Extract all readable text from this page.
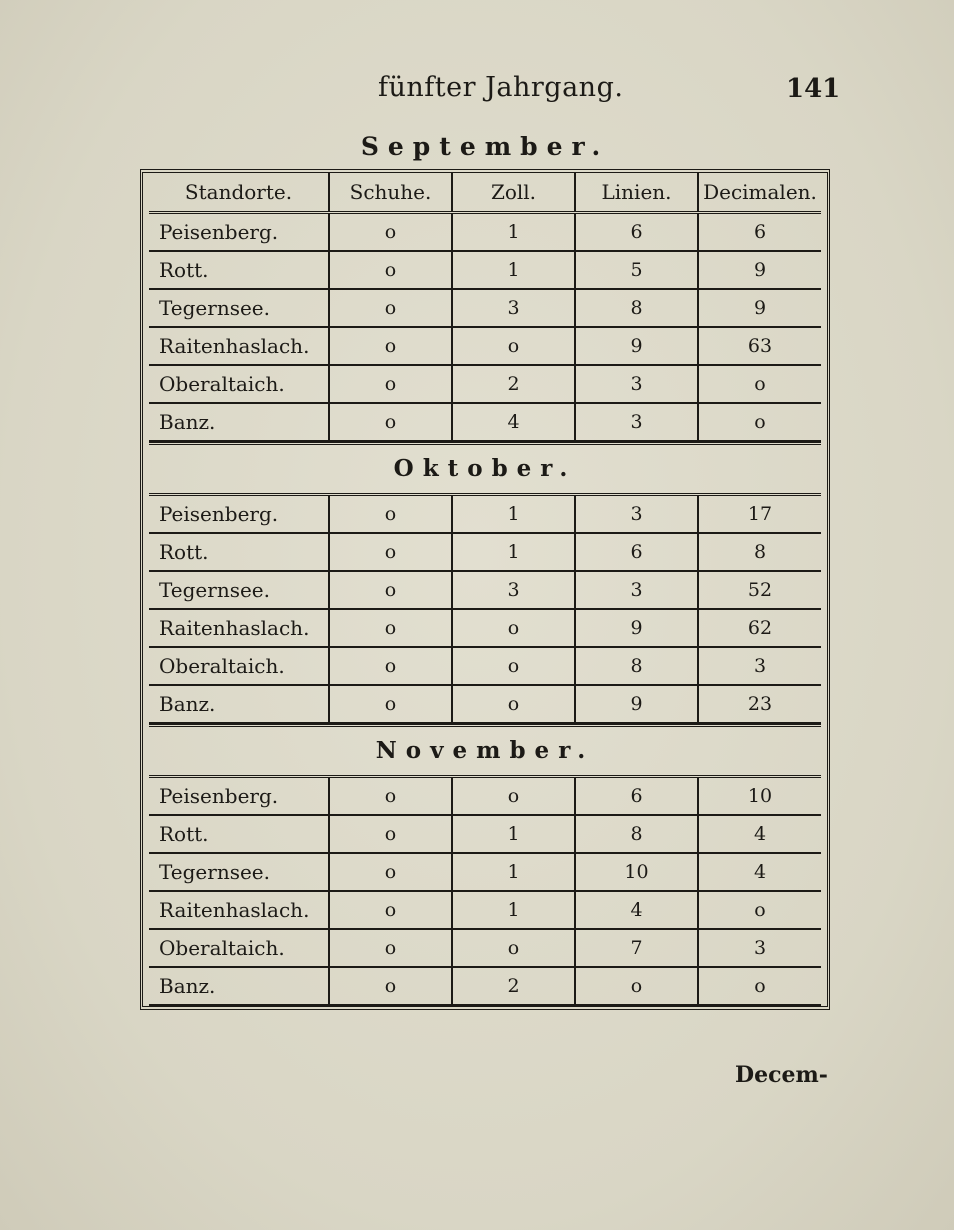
fünfter Jahrgang.	141
September.
Standorte.	Schuhe.	Zoll.	Linien.	Decimalen.
Peisenberg.	o	1	6	6
Rott.	o	1	5	9
Tegernsee.	o	3	8	9
Raitenhaslach.	o	o	9	63
Oberaltaich.	o	2	3	o
Banz.	o	4	3	o
Oktober.
Peisenberg.	o	1	3	17
Rott.	o	1	6	8
Tegernsee.	o	3	3	52
Raitenhaslach.	o	o	9	62
Oberaltaich.	o	o	8	3
Banz.	o	o	9	23
November.
Peisenberg.	o	o	6	10
Rott.	o	1	8	4
Tegernsee.	o	1	10	4
Raitenhaslach.	o	1	4	o
Oberaltaich.	o	o	7	3
Banz.	o	2	o	o
Decem-
